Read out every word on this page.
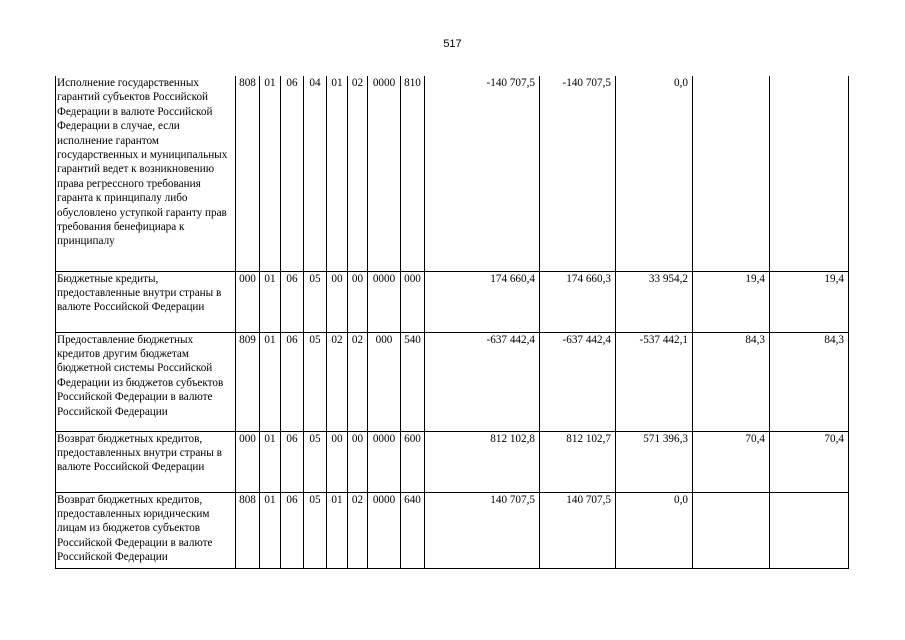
517
Исполнение государственных гарантий субъектов Российской Федерации в валюте Российской Федерации в случае, если исполнение гарантом государственных и муниципальных гарантий ведет к возникновению права регрессного требования гаранта к принципалу либо обусловлено уступкой гаранту прав требования бенефициара к принципалу	808	01	06	04	01	02	0000	810	-140 707,5	-140 707,5	0,0		
Бюджетные кредиты, предоставленные внутри страны в валюте Российской Федерации	000	01	06	05	00	00	0000	000	174 660,4	174 660,3	33 954,2	19,4	19,4
Предоставление бюджетных кредитов другим бюджетам бюджетной системы Российской Федерации из бюджетов субъектов Российской Федерации в валюте Российской Федерации	809	01	06	05	02	02	000	540	-637 442,4	-637 442,4	-537 442,1	84,3	84,3
Возврат бюджетных кредитов, предоставленных внутри страны в валюте Российской Федерации	000	01	06	05	00	00	0000	600	812 102,8	812 102,7	571 396,3	70,4	70,4
Возврат бюджетных кредитов, предоставленных юридическим лицам из бюджетов субъектов Российской Федерации в валюте Российской Федерации	808	01	06	05	01	02	0000	640	140 707,5	140 707,5	0,0		
